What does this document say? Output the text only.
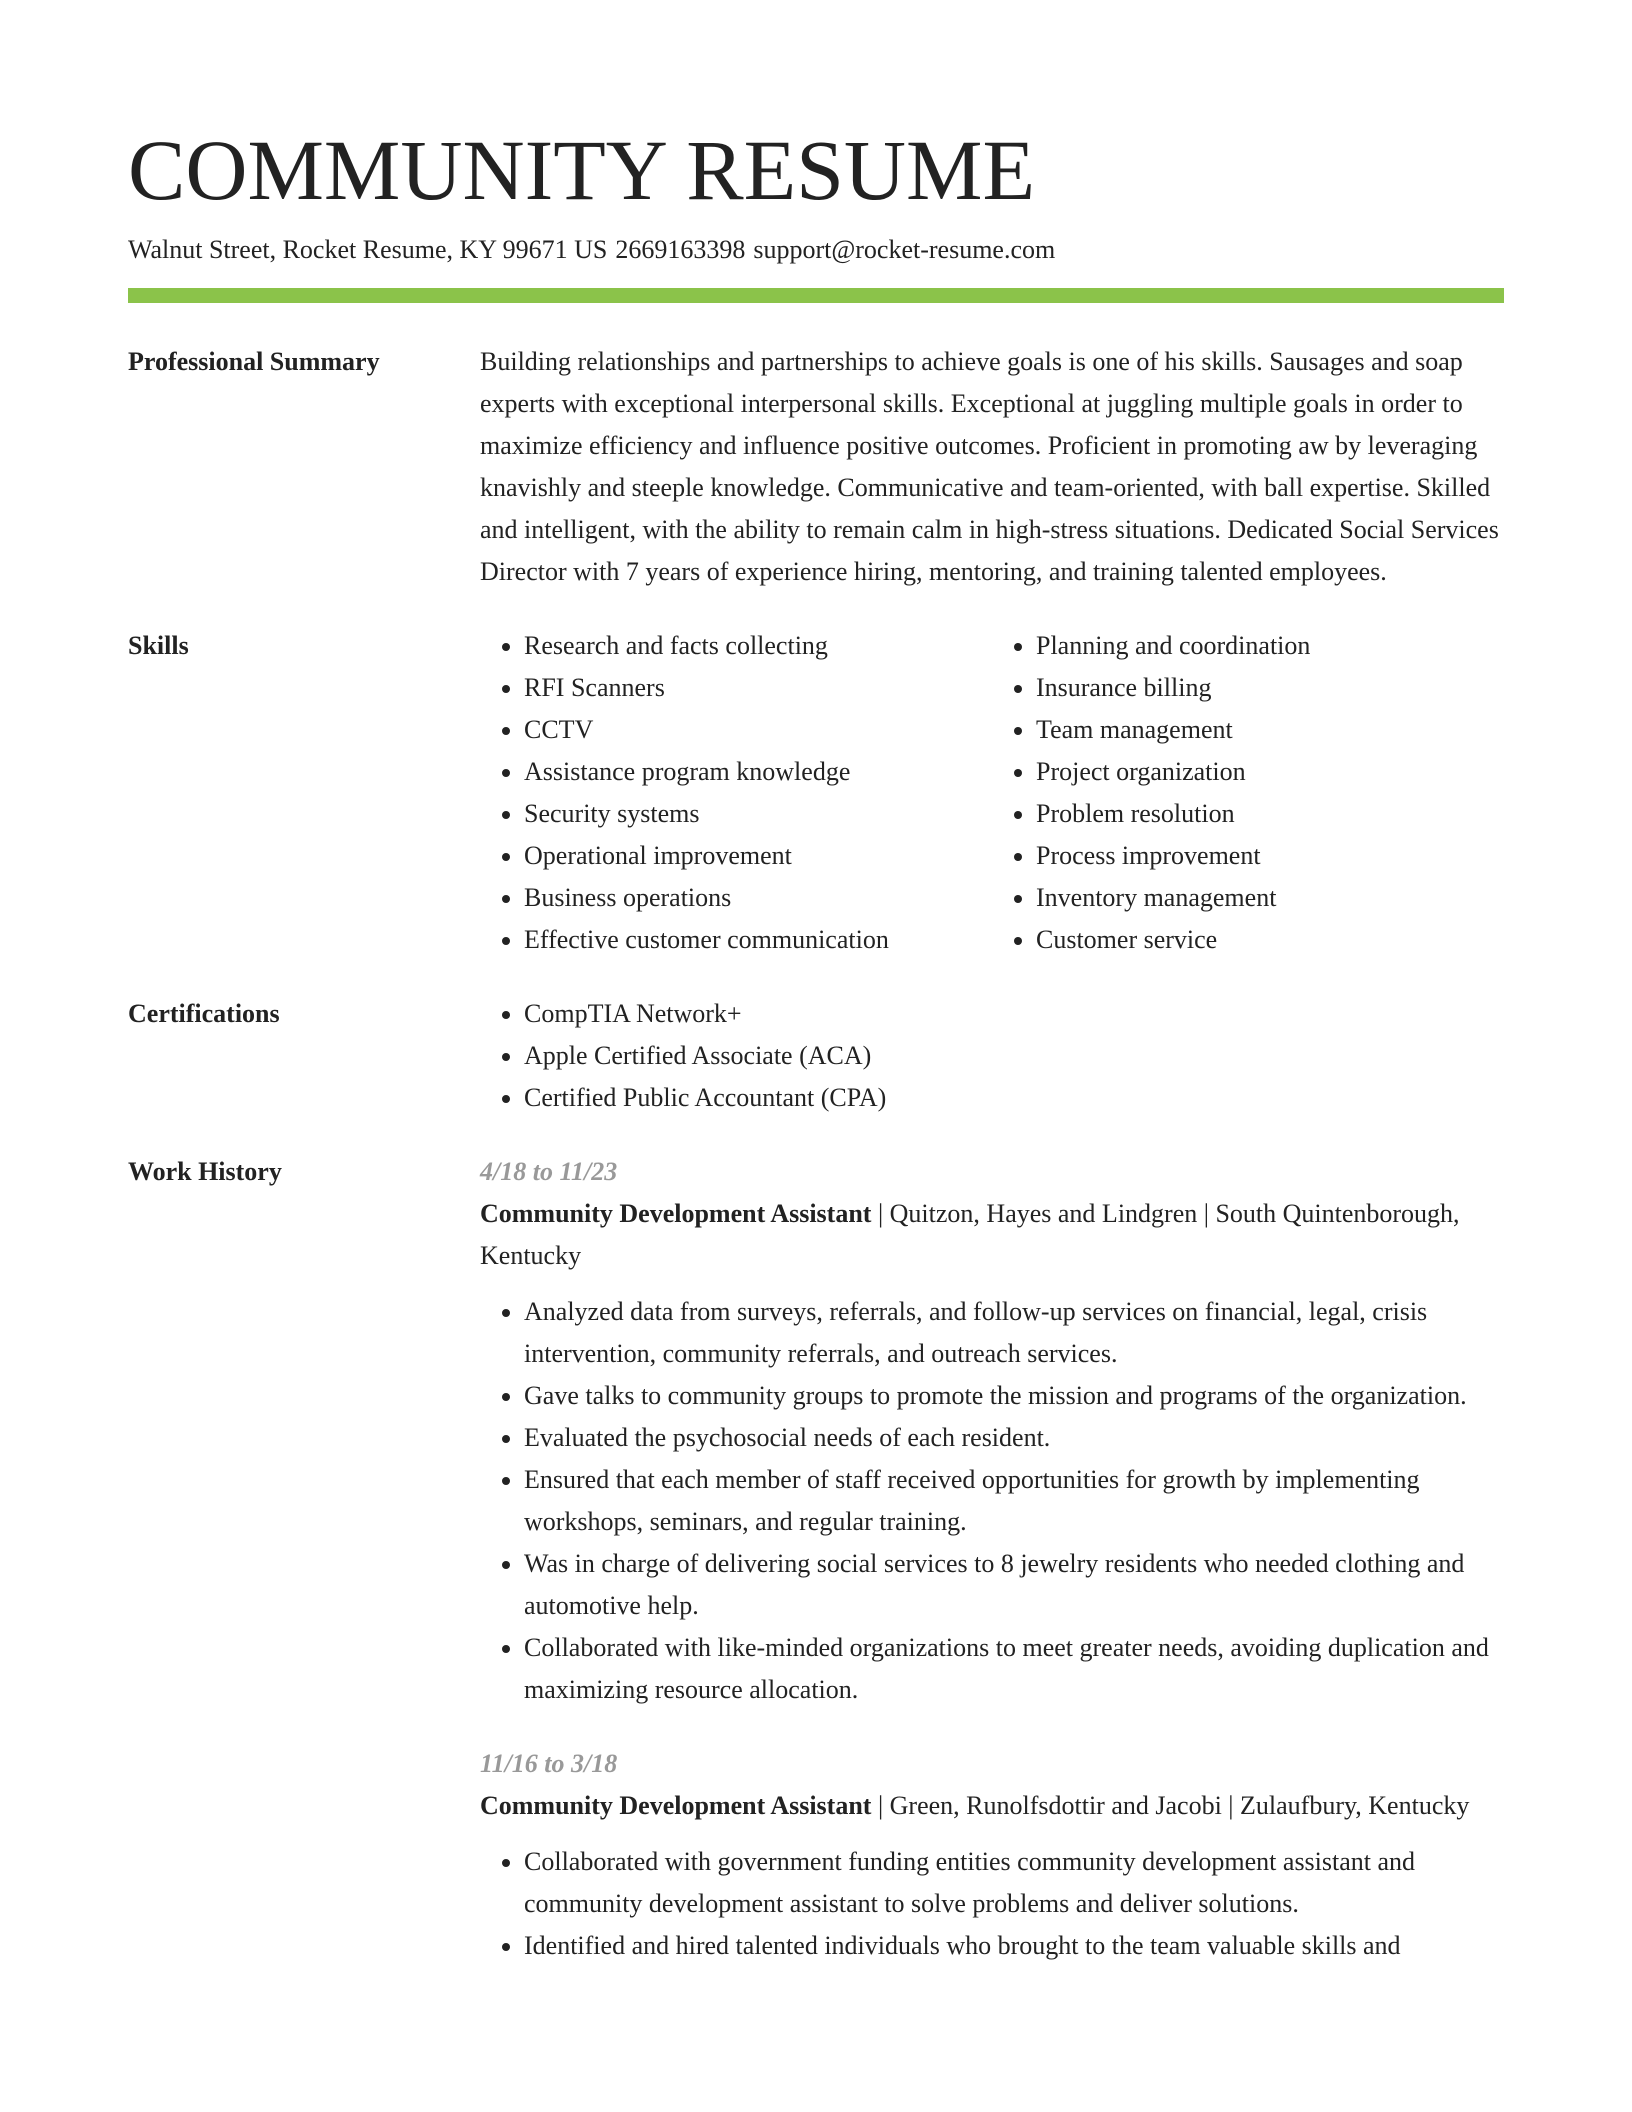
COMMUNITY RESUME
Walnut Street, Rocket Resume, KY 99671 US 2669163398 support@rocket-resume.com
Professional Summary	Building relationships and partnerships to achieve goals is one of his skills. Sausages and soap experts with exceptional interpersonal skills. Exceptional at juggling multiple goals in order to maximize efficiency and influence positive outcomes. Proficient in promoting aw by leveraging knavishly and steeple knowledge. Communicative and team-oriented, with ball expertise. Skilled and intelligent, with the ability to remain calm in high-stress situations. Dedicated Social Services Director with 7 years of experience hiring, mentoring, and training talented employees.

Skills	• Research and facts collecting
• RFI Scanners
• CCTV
• Assistance program knowledge
• Security systems
• Operational improvement
• Business operations
• Effective customer communication
• Planning and coordination
• Insurance billing
• Team management
• Project organization
• Problem resolution
• Process improvement
• Inventory management
• Customer service
Certifications	• CompTIA Network+
• Apple Certified Associate (ACA)
• Certified Public Accountant (CPA)
Work History	4/18 to 11/23

Community Development Assistant | Quitzon, Hayes and Lindgren | South Quintenborough, Kentucky

• Analyzed data from surveys, referrals, and follow-up services on financial, legal, crisis intervention, community referrals, and outreach services.
• Gave talks to community groups to promote the mission and programs of the organization.
• Evaluated the psychosocial needs of each resident.
• Ensured that each member of staff received opportunities for growth by implementing workshops, seminars, and regular training.
• Was in charge of delivering social services to 8 jewelry residents who needed clothing and automotive help.
• Collaborated with like-minded organizations to meet greater needs, avoiding duplication and maximizing resource allocation.
11/16 to 3/18

Community Development Assistant | Green, Runolfsdottir and Jacobi | Zulaufbury, Kentucky

• Collaborated with government funding entities community development assistant and community development assistant to solve problems and deliver solutions.
• Identified and hired talented individuals who brought to the team valuable skills and
